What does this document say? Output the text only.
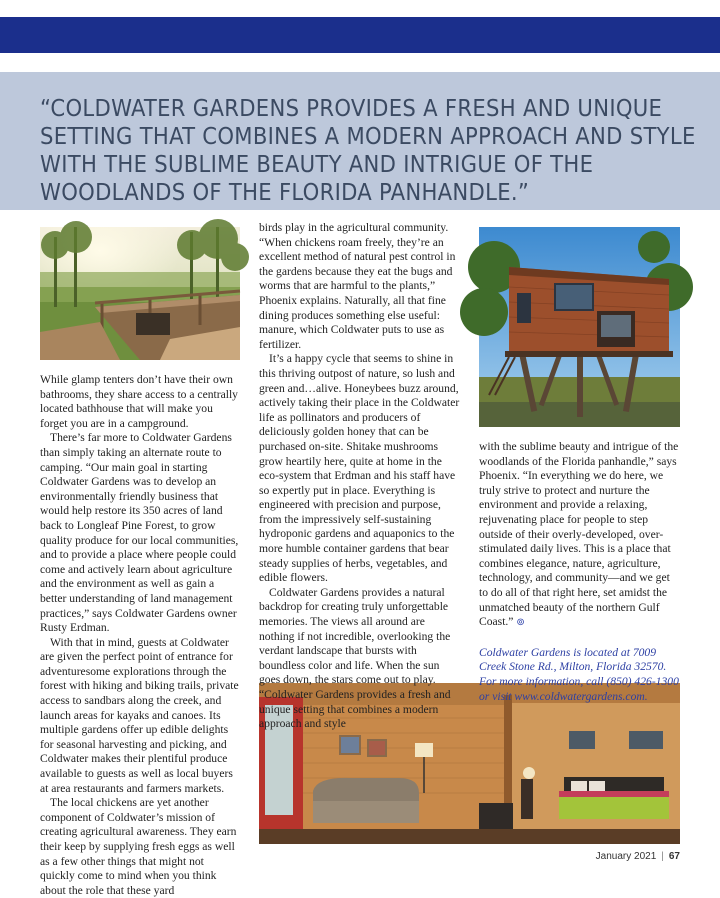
“COLDWATER GARDENS PROVIDES A FRESH AND UNIQUE SETTING THAT COMBINES A MODERN APPROACH AND STYLE WITH THE SUBLIME BEAUTY AND INTRIGUE OF THE WOODLANDS OF THE FLORIDA PANHANDLE.”

While glamp tenters don’t have their own bathrooms, they share access to a centrally located bathhouse that will make you forget you are in a campground.

There’s far more to Coldwater Gardens than simply taking an alternate route to camping. “Our main goal in starting Coldwater Gardens was to develop an environmentally friendly business that would help restore its 350 acres of land back to Longleaf Pine Forest, to grow quality produce for our local communities, and to provide a place where people could come and actively learn about agriculture and the environment as well as gain a better understanding of land management practices,” says Coldwater Gardens owner Rusty Erdman.

With that in mind, guests at Coldwater are given the perfect point of entrance for adventuresome explorations through the forest with hiking and biking trails, private access to sandbars along the creek, and launch areas for kayaks and canoes. Its multiple gardens offer up edible delights for seasonal harvesting and picking, and Coldwater makes their plentiful produce available to guests as well as local buyers at area restaurants and farmers markets.

The local chickens are yet another component of Coldwater’s mission of creating agricultural awareness. They earn their keep by supplying fresh eggs as well as a few other things that might not quickly come to mind when you think about the role that these yard

birds play in the agricultural community. “When chickens roam freely, they’re an excellent method of natural pest control in the gardens because they eat the bugs and worms that are harmful to the plants,” Phoenix explains. Naturally, all that fine dining produces something else useful: manure, which Coldwater puts to use as fertilizer.

It’s a happy cycle that seems to shine in this thriving outpost of nature, so lush and green and…alive. Honeybees buzz around, actively taking their place in the Coldwater life as pollinators and producers of deliciously golden honey that can be purchased on-site. Shitake mushrooms grow heartily here, quite at home in the eco-system that Erdman and his staff have so expertly put in place. Everything is engineered with precision and purpose, from the impressively self-sustaining hydroponic gardens and aquaponics to the more humble container gardens that bear steady supplies of herbs, vegetables, and edible flowers.

Coldwater Gardens provides a natural backdrop for creating truly unforgettable memories. The views all around are nothing if not incredible, overlooking the verdant landscape that bursts with boundless color and life. When the sun goes down, the stars come out to play. “Coldwater Gardens provides a fresh and unique setting that combines a modern approach and style

with the sublime beauty and intrigue of the woodlands of the Florida panhandle,” says Phoenix. “In everything we do here, we truly strive to protect and nurture the environment and provide a relaxing, rejuvenating place for people to step outside of their overly-developed, over-stimulated daily lives. This is a place that combines elegance, nature, agriculture, technology, and community—and we get to do all of that right here, set amidst the unmatched beauty of the northern Gulf Coast.” ⊚

Coldwater Gardens is located at 7009 Creek Stone Rd., Milton, Florida 32570. For more information, call (850) 426-1300 or visit www.coldwatergardens.com.

January 2021 | 67
